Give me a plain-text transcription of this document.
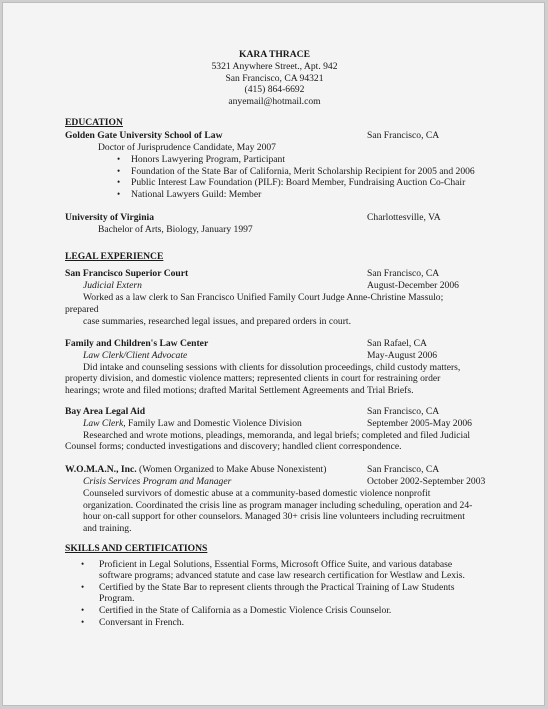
KARA THRACE
5321 Anywhere Street., Apt. 942
San Francisco, CA 94321
(415) 864-6692
anyemail@hotmail.com
EDUCATION
Golden Gate University School of Law	San Francisco, CA
Doctor of Jurisprudence Candidate, May 2007
Honors Lawyering Program, Participant
Foundation of the State Bar of California, Merit Scholarship Recipient for 2005 and 2006
Public Interest Law Foundation (PILF): Board Member, Fundraising Auction Co-Chair
National Lawyers Guild: Member
•
•
•
•
University of Virginia	Charlottesville, VA
Bachelor of Arts, Biology, January 1997
LEGAL EXPERIENCE
San Francisco Superior Court	San Francisco, CA
Judicial Extern	August-December 2006
Worked as a law clerk to San Francisco Unified Family Court Judge Anne-Christine Massulo;
prepared
case summaries, researched legal issues, and prepared orders in court.
Family and Children's Law Center	San Rafael, CA
Law Clerk/Client Advocate	May-August 2006
Did intake and counseling sessions with clients for dissolution proceedings, child custody matters,
property division, and domestic violence matters; represented clients in court for restraining order
hearings; wrote and filed motions; drafted Marital Settlement Agreements and Trial Briefs.
Bay Area Legal Aid	San Francisco, CA
Law Clerk, Family Law and Domestic Violence Division	September 2005-May 2006
Researched and wrote motions, pleadings, memoranda, and legal briefs; completed and filed Judicial
Counsel forms; conducted investigations and discovery; handled client correspondence.
W.O.M.A.N., Inc. (Women Organized to Make Abuse Nonexistent)	San Francisco, CA
Crisis Services Program and Manager	October 2002-September 2003
Counseled survivors of domestic abuse at a community-based domestic violence nonprofit
organization. Coordinated the crisis line as program manager including scheduling, operation and 24-
hour on-call support for other counselors. Managed 30+ crisis line volunteers including recruitment
and training.
SKILLS AND CERTIFICATIONS
• Proficient in Legal Solutions, Essential Forms, Microsoft Office Suite, and various database
software programs; advanced statute and case law research certification for Westlaw and Lexis.
• Certified by the State Bar to represent clients through the Practical Training of Law Students
Program.
• Certified in the State of California as a Domestic Violence Crisis Counselor.
• Conversant in French.
